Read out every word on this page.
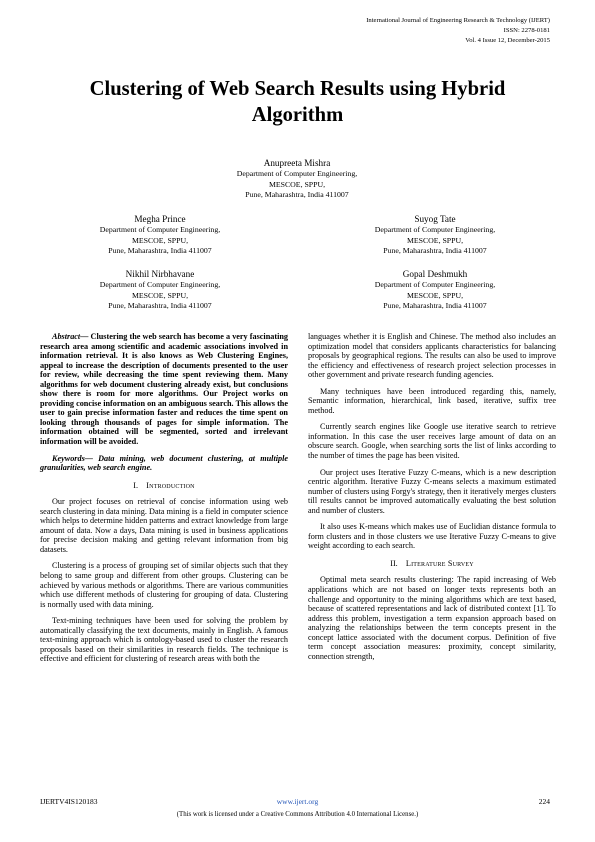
International Journal of Engineering Research & Technology (IJERT)
ISSN: 2278-0181
Vol. 4 Issue 12, December-2015
Clustering of Web Search Results using Hybrid
Algorithm
Anupreeta Mishra
Department of Computer Engineering,
MESCOE, SPPU,
Pune, Maharashtra, India 411007
Megha Prince
Department of Computer Engineering,
MESCOE, SPPU,
Pune, Maharashtra, India 411007
Suyog Tate
Department of Computer Engineering,
MESCOE, SPPU,
Pune, Maharashtra, India 411007
Nikhil Nirbhavane
Department of Computer Engineering,
MESCOE, SPPU,
Pune, Maharashtra, India 411007
Gopal Deshmukh
Department of Computer Engineering,
MESCOE, SPPU,
Pune, Maharashtra, India 411007

Abstract— Clustering the web search has become a very fascinating research area among scientific and academic associations involved in information retrieval. It is also knows as Web Clustering Engines, appeal to increase the description of documents presented to the user for review, while decreasing the time spent reviewing them. Many algorithms for web document clustering already exist, but conclusions show there is room for more algorithms. Our Project works on providing concise information on an ambiguous search. This allows the user to gain precise information faster and reduces the time spent on looking through thousands of pages for simple information. The information obtained will be segmented, sorted and irrelevant information will be avoided.

Keywords— Data mining, web document clustering, at multiple granularities, web search engine.

I. Introduction

Our project focuses on retrieval of concise information using web search clustering in data mining. Data mining is a field in computer science which helps to determine hidden patterns and extract knowledge from large amount of data. Now a days, Data mining is used in business applications for precise decision making and getting relevant information from big datasets.

Clustering is a process of grouping set of similar objects such that they belong to same group and different from other groups. Clustering can be achieved by various methods or algorithms. There are various communities which use different methods of clustering for grouping of data. Clustering is normally used with data mining.

Text-mining techniques have been used for solving the problem by automatically classifying the text documents, mainly in English. A famous text-mining approach which is ontology-based used to cluster the research proposals based on their similarities in research fields. The technique is effective and efficient for clustering of research areas with both the

languages whether it is English and Chinese. The method also includes an optimization model that considers applicants characteristics for balancing proposals by geographical regions. The results can also be used to improve the efficiency and effectiveness of research project selection processes in other government and private research funding agencies.

Many techniques have been introduced regarding this, namely, Semantic information, hierarchical, link based, iterative, suffix tree method.

Currently search engines like Google use iterative search to retrieve information. In this case the user receives large amount of data on an obscure search. Google, when searching sorts the list of links according to the number of times the page has been visited.

Our project uses Iterative Fuzzy C-means, which is a new description centric algorithm. Iterative Fuzzy C-means selects a maximum estimated number of clusters using Forgy's strategy, then it iteratively merges clusters till results cannot be improved automatically evaluating the best solution and number of clusters.

It also uses K-means which makes use of Euclidian distance formula to form clusters and in those clusters we use Iterative Fuzzy C-means to give weight according to each search.

II. Literature Survey

Optimal meta search results clustering: The rapid increasing of Web applications which are not based on longer texts represents both an challenge and opportunity to the mining algorithms which are text based, because of scattered representations and lack of distributed context [1]. To address this problem, investigation a term expansion approach based on analyzing the relationships between the term concepts present in the concept lattice associated with the document corpus. Definition of five term concept association measures: proximity, concept similarity, connection strength,

IJERTV4IS120183	www.ijert.org	224
(This work is licensed under a Creative Commons Attribution 4.0 International License.)
